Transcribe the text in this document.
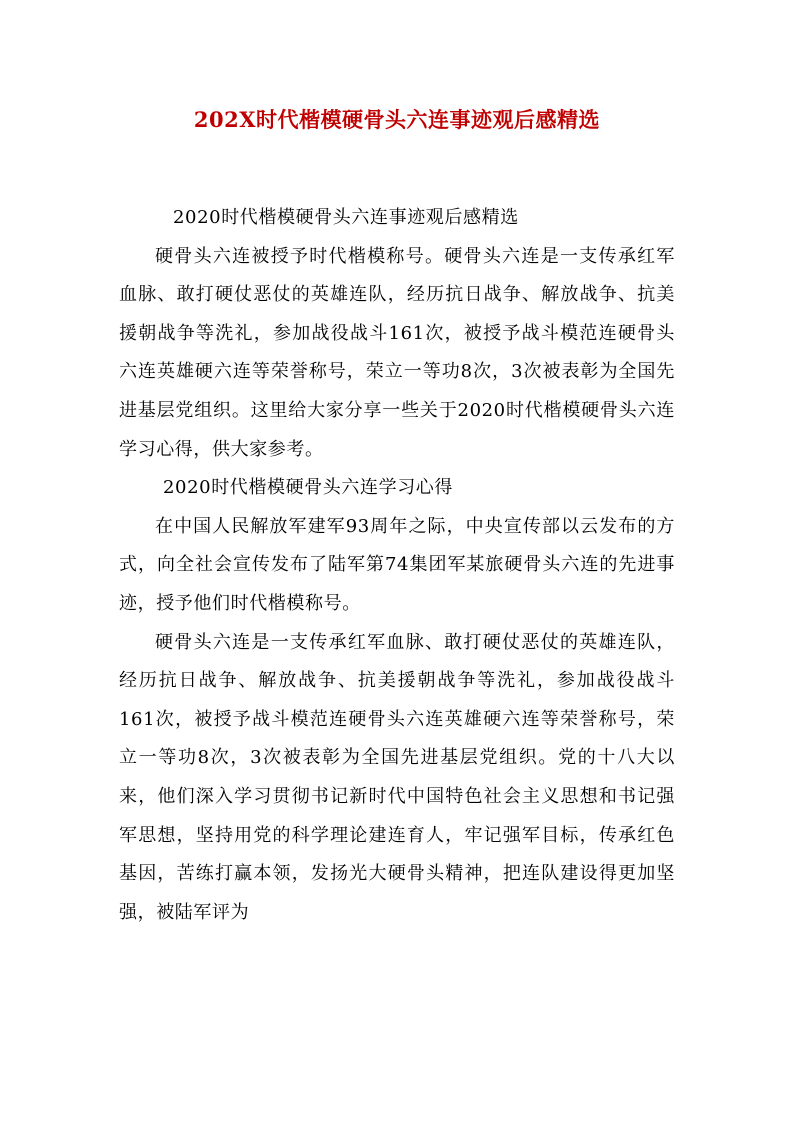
202X时代楷模硬骨头六连事迹观后感精选

2020时代楷模硬骨头六连事迹观后感精选

硬骨头六连被授予时代楷模称号。硬骨头六连是一支传承红军血脉、敢打硬仗恶仗的英雄连队，经历抗日战争、解放战争、抗美援朝战争等洗礼，参加战役战斗161次，被授予战斗模范连硬骨头六连英雄硬六连等荣誉称号，荣立一等功8次，3次被表彰为全国先进基层党组织。这里给大家分享一些关于2020时代楷模硬骨头六连学习心得，供大家参考。

2020时代楷模硬骨头六连学习心得

在中国人民解放军建军93周年之际，中央宣传部以云发布的方式，向全社会宣传发布了陆军第74集团军某旅硬骨头六连的先进事迹，授予他们时代楷模称号。

硬骨头六连是一支传承红军血脉、敢打硬仗恶仗的英雄连队，经历抗日战争、解放战争、抗美援朝战争等洗礼，参加战役战斗161次，被授予战斗模范连硬骨头六连英雄硬六连等荣誉称号，荣立一等功8次，3次被表彰为全国先进基层党组织。党的十八大以来，他们深入学习贯彻书记新时代中国特色社会主义思想和书记强军思想，坚持用党的科学理论建连育人，牢记强军目标，传承红色基因，苦练打赢本领，发扬光大硬骨头精神，把连队建设得更加坚强，被陆军评为
